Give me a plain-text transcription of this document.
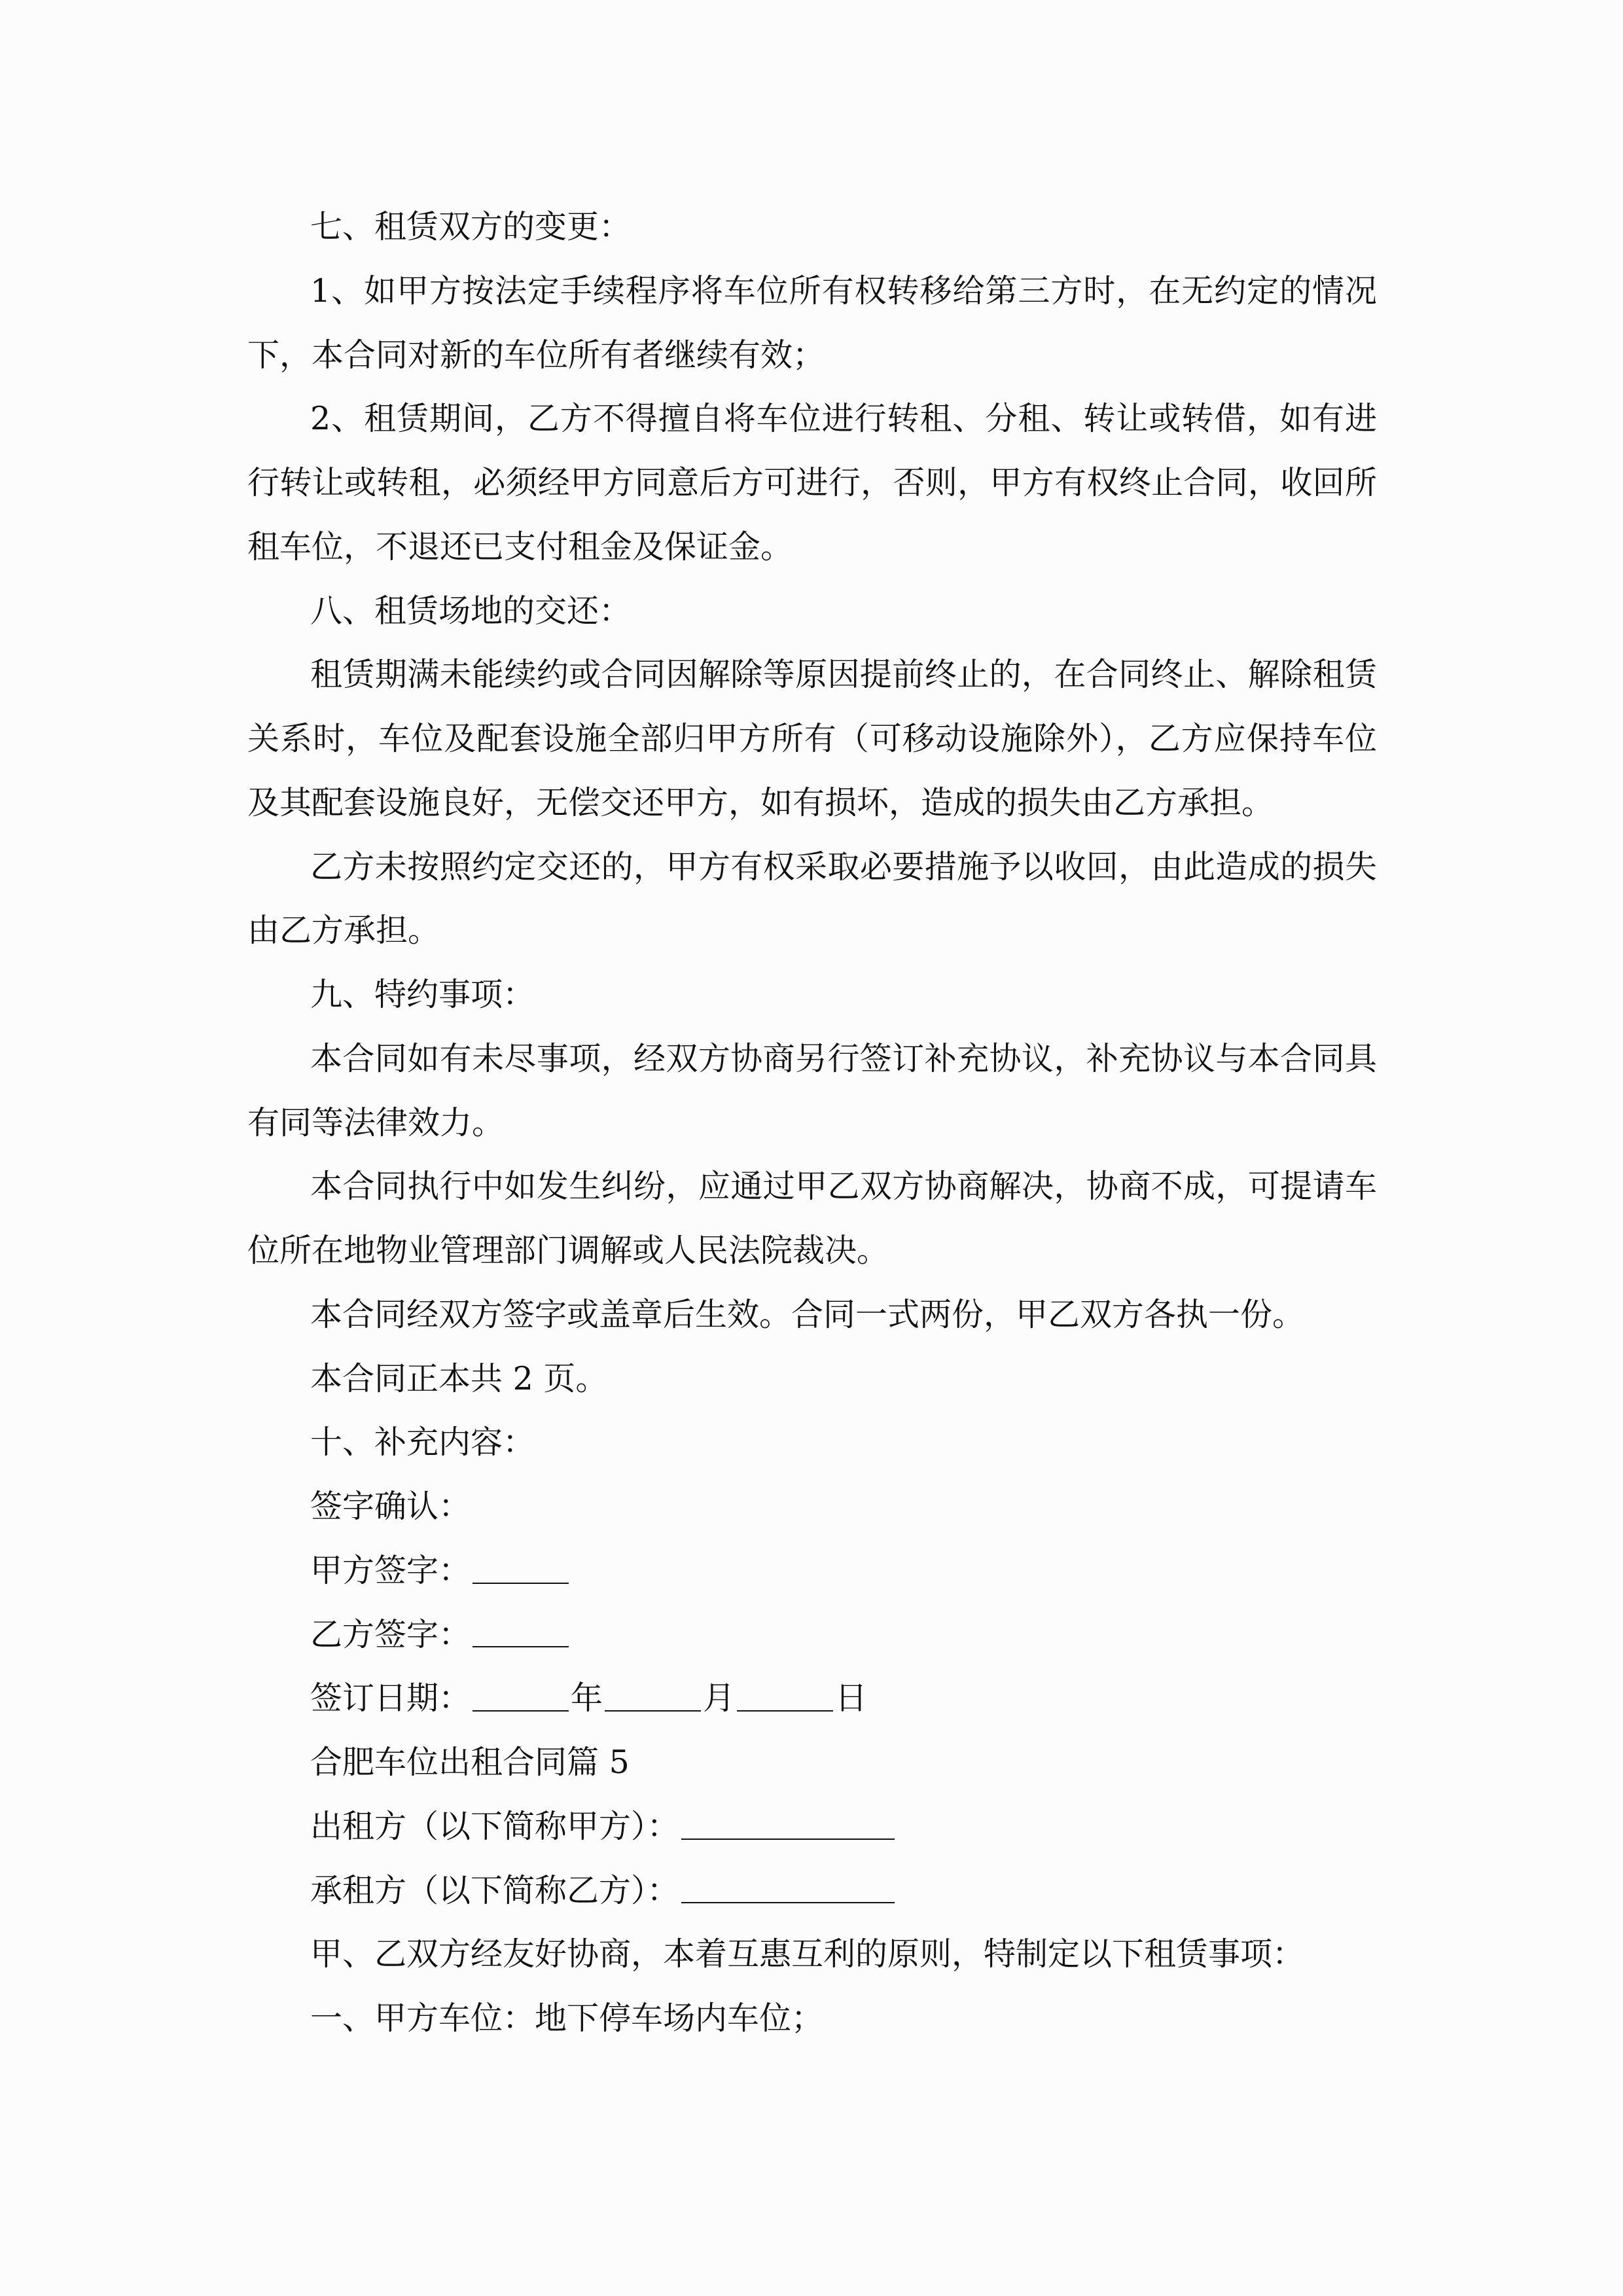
七、租赁双方的变更：
1、如甲方按法定手续程序将车位所有权转移给第三方时，在无约定的情况
下，本合同对新的车位所有者继续有效；
2、租赁期间，乙方不得擅自将车位进行转租、分租、转让或转借，如有进
行转让或转租，必须经甲方同意后方可进行，否则，甲方有权终止合同，收回所
租车位，不退还已支付租金及保证金。
八、租赁场地的交还：
租赁期满未能续约或合同因解除等原因提前终止的，在合同终止、解除租赁
关系时，车位及配套设施全部归甲方所有（可移动设施除外），乙方应保持车位
及其配套设施良好，无偿交还甲方，如有损坏，造成的损失由乙方承担。
乙方未按照约定交还的，甲方有权采取必要措施予以收回，由此造成的损失
由乙方承担。
九、特约事项：
本合同如有未尽事项，经双方协商另行签订补充协议，补充协议与本合同具
有同等法律效力。
本合同执行中如发生纠纷，应通过甲乙双方协商解决，协商不成，可提请车
位所在地物业管理部门调解或人民法院裁决。
本合同经双方签字或盖章后生效。合同一式两份，甲乙双方各执一份。
本合同正本共 2 页。
十、补充内容：
签字确认：
甲方签字：
乙方签字：
签订日期：	年	月	日
合肥车位出租合同篇 5
出租方（以下简称甲方）：
承租方（以下简称乙方）：
甲、乙双方经友好协商，本着互惠互利的原则，特制定以下租赁事项：
一、甲方车位：地下停车场内车位；
